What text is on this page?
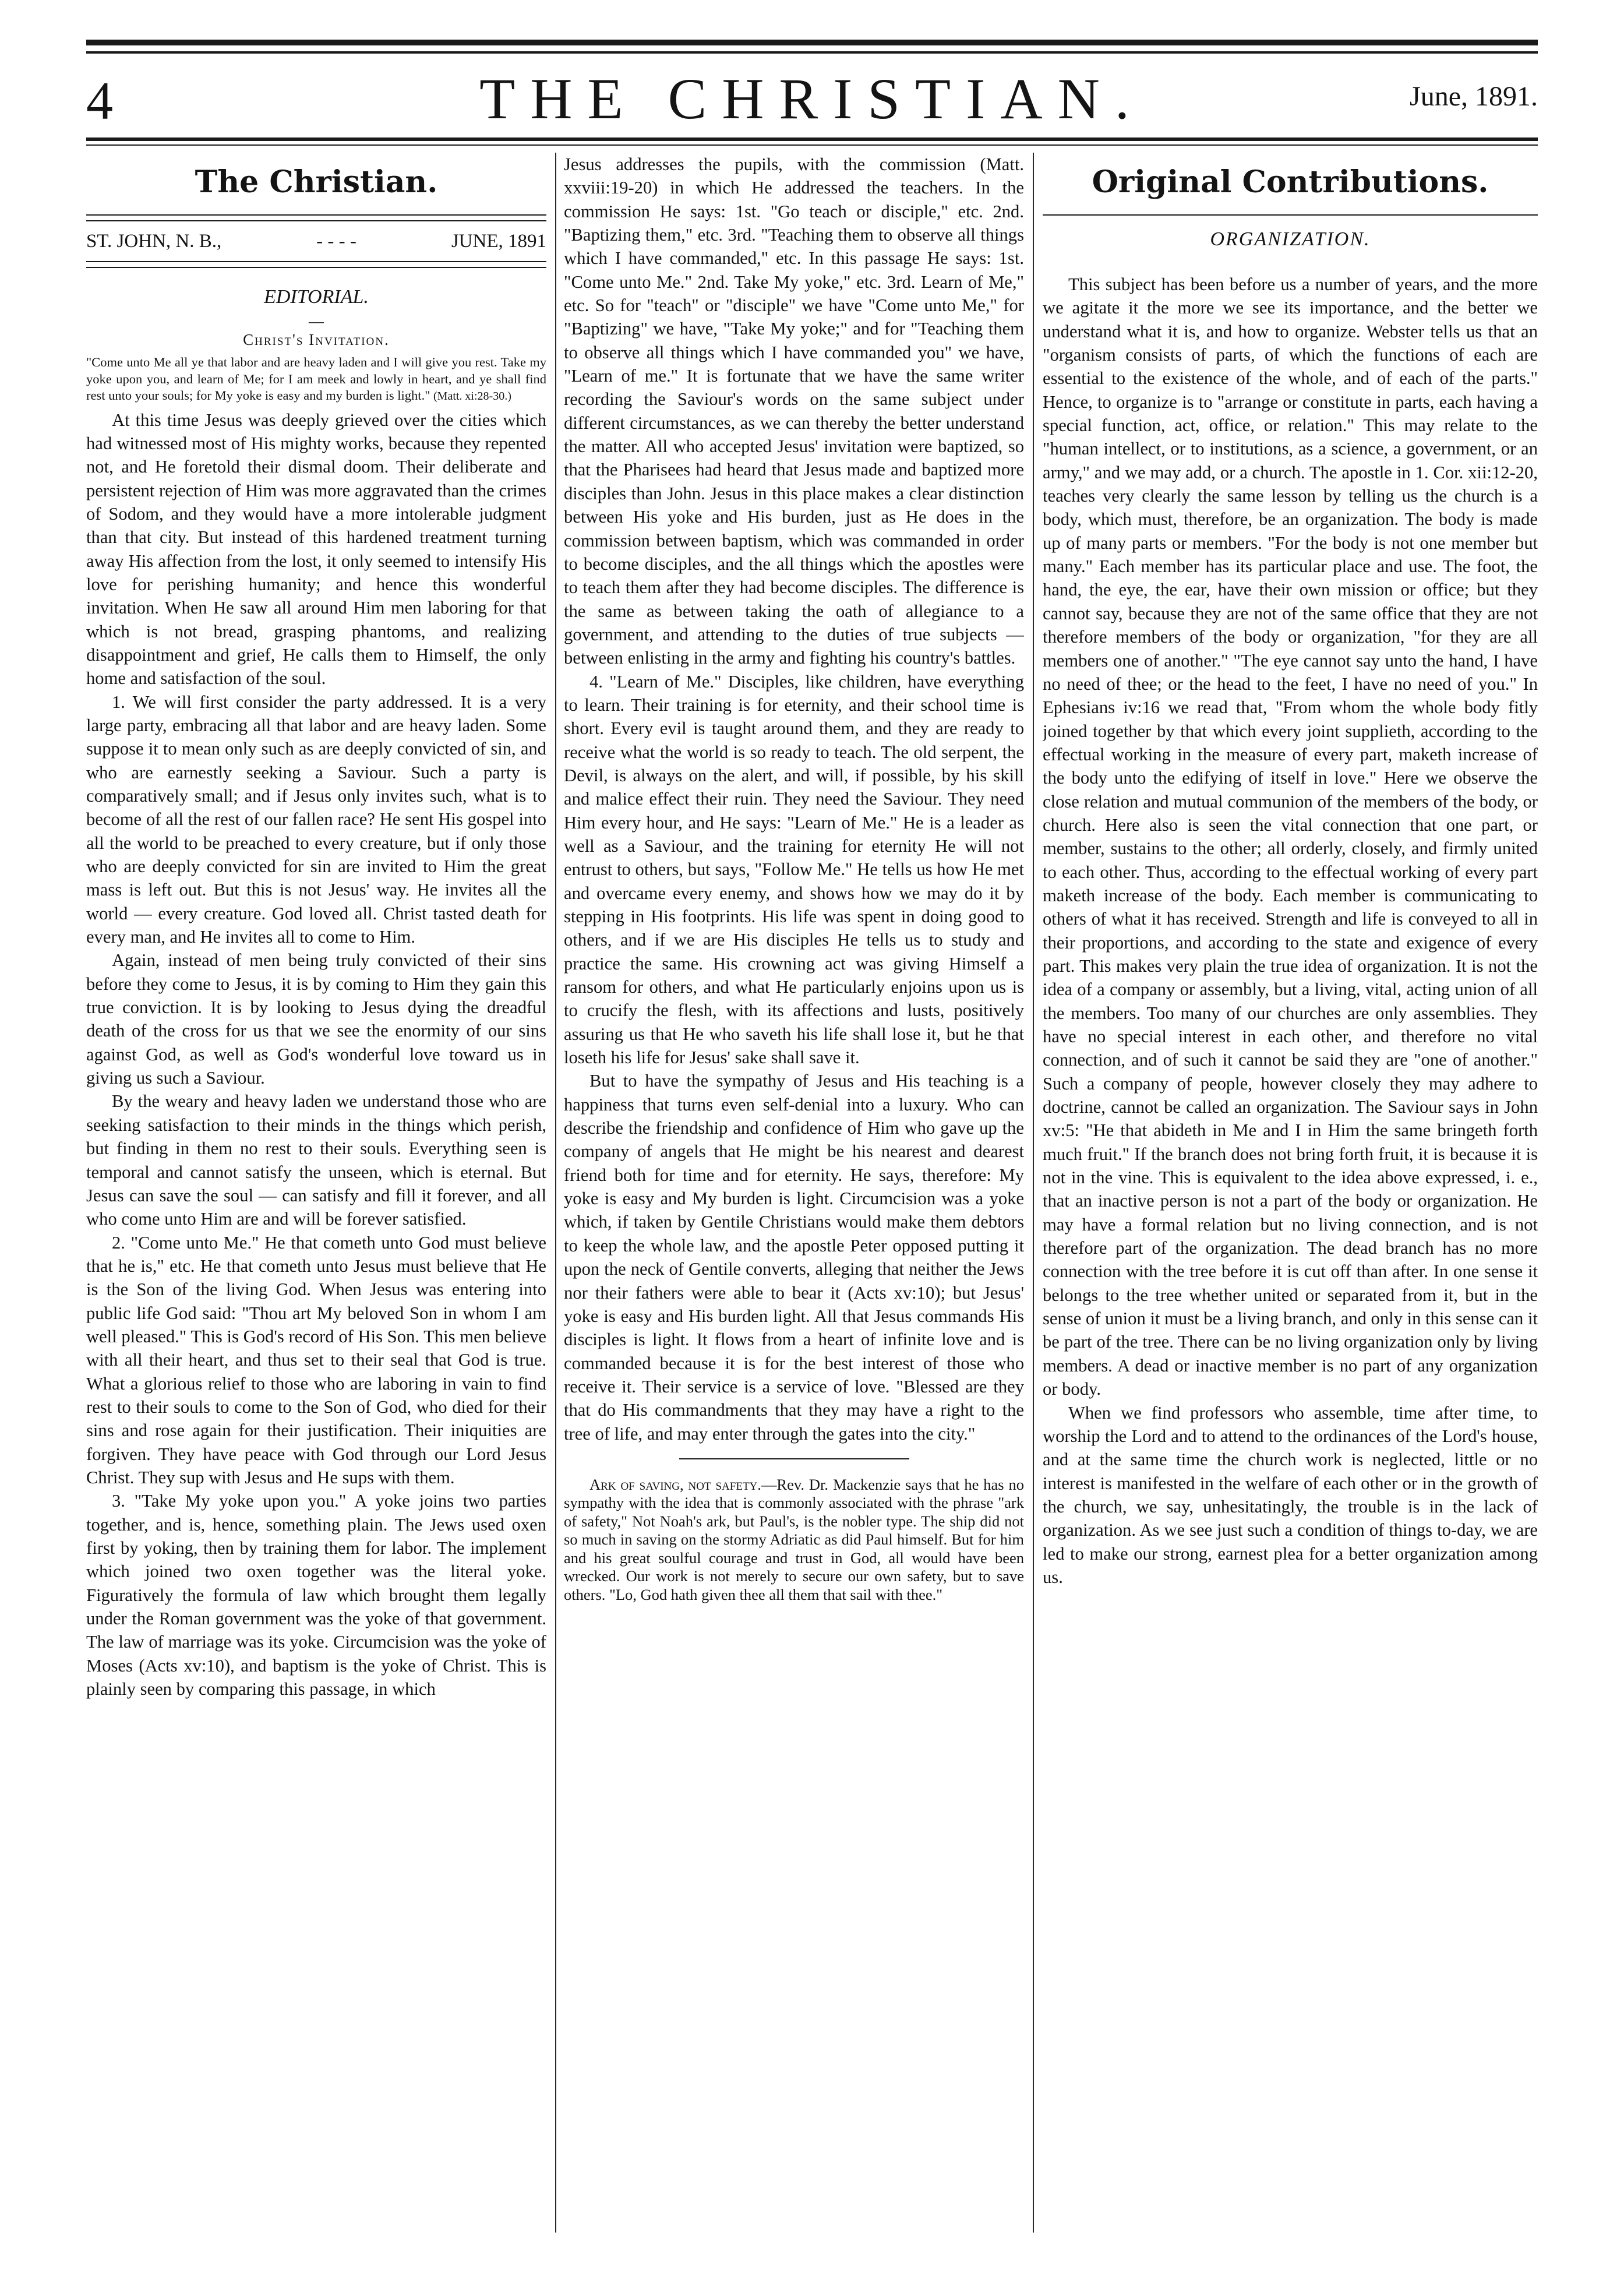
4	THE CHRISTIAN.	June, 1891.
The Christian.
ST. JOHN, N. B.,	- - - -	JUNE, 1891
EDITORIAL.
—
Christ's Invitation.
"Come unto Me all ye that labor and are heavy laden and I will give you rest. Take my yoke upon you, and learn of Me; for I am meek and lowly in heart, and ye shall find rest unto your souls; for My yoke is easy and my burden is light." (Matt. xi:28-30.)

At this time Jesus was deeply grieved over the cities which had witnessed most of His mighty works, because they repented not, and He foretold their dismal doom. Their deliberate and persistent rejection of Him was more aggravated than the crimes of Sodom, and they would have a more intolerable judgment than that city. But instead of this hardened treatment turning away His affection from the lost, it only seemed to intensify His love for perishing humanity; and hence this wonderful invitation. When He saw all around Him men laboring for that which is not bread, grasping phantoms, and realizing disappointment and grief, He calls them to Himself, the only home and satisfaction of the soul.

1. We will first consider the party addressed. It is a very large party, embracing all that labor and are heavy laden. Some suppose it to mean only such as are deeply convicted of sin, and who are earnestly seeking a Saviour. Such a party is comparatively small; and if Jesus only invites such, what is to become of all the rest of our fallen race? He sent His gospel into all the world to be preached to every creature, but if only those who are deeply convicted for sin are invited to Him the great mass is left out. But this is not Jesus' way. He invites all the world — every creature. God loved all. Christ tasted death for every man, and He invites all to come to Him.

Again, instead of men being truly convicted of their sins before they come to Jesus, it is by coming to Him they gain this true conviction. It is by looking to Jesus dying the dreadful death of the cross for us that we see the enormity of our sins against God, as well as God's wonderful love toward us in giving us such a Saviour.

By the weary and heavy laden we understand those who are seeking satisfaction to their minds in the things which perish, but finding in them no rest to their souls. Everything seen is temporal and cannot satisfy the unseen, which is eternal. But Jesus can save the soul — can satisfy and fill it forever, and all who come unto Him are and will be forever satisfied.

2. "Come unto Me." He that cometh unto God must believe that he is," etc. He that cometh unto Jesus must believe that He is the Son of the living God. When Jesus was entering into public life God said: "Thou art My beloved Son in whom I am well pleased." This is God's record of His Son. This men believe with all their heart, and thus set to their seal that God is true. What a glorious relief to those who are laboring in vain to find rest to their souls to come to the Son of God, who died for their sins and rose again for their justification. Their iniquities are forgiven. They have peace with God through our Lord Jesus Christ. They sup with Jesus and He sups with them.

3. "Take My yoke upon you." A yoke joins two parties together, and is, hence, something plain. The Jews used oxen first by yoking, then by training them for labor. The implement which joined two oxen together was the literal yoke. Figuratively the formula of law which brought them legally under the Roman government was the yoke of that government. The law of marriage was its yoke. Circumcision was the yoke of Moses (Acts xv:10), and baptism is the yoke of Christ. This is plainly seen by comparing this passage, in which

Jesus addresses the pupils, with the commission (Matt. xxviii:19-20) in which He addressed the teachers. In the commission He says: 1st. "Go teach or disciple," etc. 2nd. "Baptizing them," etc. 3rd. "Teaching them to observe all things which I have commanded," etc. In this passage He says: 1st. "Come unto Me." 2nd. Take My yoke," etc. 3rd. Learn of Me," etc. So for "teach" or "disciple" we have "Come unto Me," for "Baptizing" we have, "Take My yoke;" and for "Teaching them to observe all things which I have commanded you" we have, "Learn of me." It is fortunate that we have the same writer recording the Saviour's words on the same subject under different circumstances, as we can thereby the better understand the matter. All who accepted Jesus' invitation were baptized, so that the Pharisees had heard that Jesus made and baptized more disciples than John. Jesus in this place makes a clear distinction between His yoke and His burden, just as He does in the commission between baptism, which was commanded in order to become disciples, and the all things which the apostles were to teach them after they had become disciples. The difference is the same as between taking the oath of allegiance to a government, and attending to the duties of true subjects — between enlisting in the army and fighting his country's battles.

4. "Learn of Me." Disciples, like children, have everything to learn. Their training is for eternity, and their school time is short. Every evil is taught around them, and they are ready to receive what the world is so ready to teach. The old serpent, the Devil, is always on the alert, and will, if possible, by his skill and malice effect their ruin. They need the Saviour. They need Him every hour, and He says: "Learn of Me." He is a leader as well as a Saviour, and the training for eternity He will not entrust to others, but says, "Follow Me." He tells us how He met and overcame every enemy, and shows how we may do it by stepping in His footprints. His life was spent in doing good to others, and if we are His disciples He tells us to study and practice the same. His crowning act was giving Himself a ransom for others, and what He particularly enjoins upon us is to crucify the flesh, with its affections and lusts, positively assuring us that He who saveth his life shall lose it, but he that loseth his life for Jesus' sake shall save it.

But to have the sympathy of Jesus and His teaching is a happiness that turns even self-denial into a luxury. Who can describe the friendship and confidence of Him who gave up the company of angels that He might be his nearest and dearest friend both for time and for eternity. He says, therefore: My yoke is easy and My burden is light. Circumcision was a yoke which, if taken by Gentile Christians would make them debtors to keep the whole law, and the apostle Peter opposed putting it upon the neck of Gentile converts, alleging that neither the Jews nor their fathers were able to bear it (Acts xv:10); but Jesus' yoke is easy and His burden light. All that Jesus commands His disciples is light. It flows from a heart of infinite love and is commanded because it is for the best interest of those who receive it. Their service is a service of love. "Blessed are they that do His commandments that they may have a right to the tree of life, and may enter through the gates into the city."

Ark of saving, not safety.—Rev. Dr. Mackenzie says that he has no sympathy with the idea that is commonly associated with the phrase "ark of safety," Not Noah's ark, but Paul's, is the nobler type. The ship did not so much in saving on the stormy Adriatic as did Paul himself. But for him and his great soulful courage and trust in God, all would have been wrecked. Our work is not merely to secure our own safety, but to save others. "Lo, God hath given thee all them that sail with thee."
Original Contributions.
ORGANIZATION.

This subject has been before us a number of years, and the more we agitate it the more we see its importance, and the better we understand what it is, and how to organize. Webster tells us that an "organism consists of parts, of which the functions of each are essential to the existence of the whole, and of each of the parts." Hence, to organize is to "arrange or constitute in parts, each having a special function, act, office, or relation." This may relate to the "human intellect, or to institutions, as a science, a government, or an army," and we may add, or a church. The apostle in 1. Cor. xii:12-20, teaches very clearly the same lesson by telling us the church is a body, which must, therefore, be an organization. The body is made up of many parts or members. "For the body is not one member but many." Each member has its particular place and use. The foot, the hand, the eye, the ear, have their own mission or office; but they cannot say, because they are not of the same office that they are not therefore members of the body or organization, "for they are all members one of another." "The eye cannot say unto the hand, I have no need of thee; or the head to the feet, I have no need of you." In Ephesians iv:16 we read that, "From whom the whole body fitly joined together by that which every joint supplieth, according to the effectual working in the measure of every part, maketh increase of the body unto the edifying of itself in love." Here we observe the close relation and mutual communion of the members of the body, or church. Here also is seen the vital connection that one part, or member, sustains to the other; all orderly, closely, and firmly united to each other. Thus, according to the effectual working of every part maketh increase of the body. Each member is communicating to others of what it has received. Strength and life is conveyed to all in their proportions, and according to the state and exigence of every part. This makes very plain the true idea of organization. It is not the idea of a company or assembly, but a living, vital, acting union of all the members. Too many of our churches are only assemblies. They have no special interest in each other, and therefore no vital connection, and of such it cannot be said they are "one of another." Such a company of people, however closely they may adhere to doctrine, cannot be called an organization. The Saviour says in John xv:5: "He that abideth in Me and I in Him the same bringeth forth much fruit." If the branch does not bring forth fruit, it is because it is not in the vine. This is equivalent to the idea above expressed, i. e., that an inactive person is not a part of the body or organization. He may have a formal relation but no living connection, and is not therefore part of the organization. The dead branch has no more connection with the tree before it is cut off than after. In one sense it belongs to the tree whether united or separated from it, but in the sense of union it must be a living branch, and only in this sense can it be part of the tree. There can be no living organization only by living members. A dead or inactive member is no part of any organization or body.

When we find professors who assemble, time after time, to worship the Lord and to attend to the ordinances of the Lord's house, and at the same time the church work is neglected, little or no interest is manifested in the welfare of each other or in the growth of the church, we say, unhesitatingly, the trouble is in the lack of organization. As we see just such a condition of things to-day, we are led to make our strong, earnest plea for a better organization among us.
